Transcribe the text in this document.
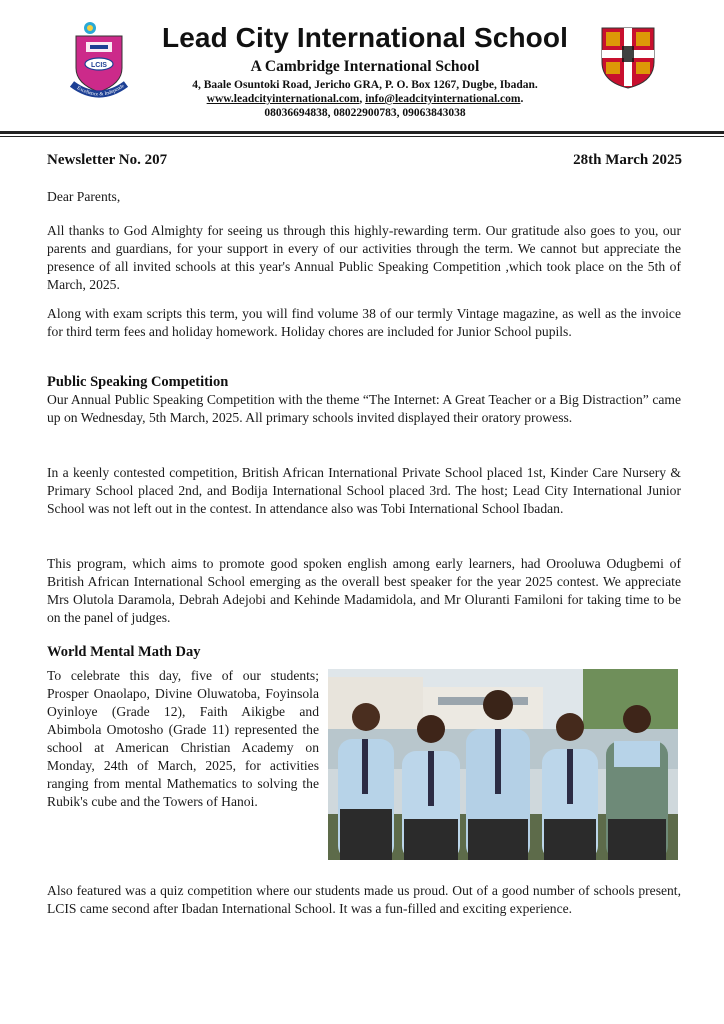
LCIS
Excellence & Independe
Lead City International School
A Cambridge International School
4, Baale Osuntoki Road, Jericho GRA, P. O. Box 1267, Dugbe, Ibadan.
www.leadcityinternational.com, info@leadcityinternational.com.
08036694838, 08022900783, 09063843038
Newsletter No. 207	28th March 2025

Dear Parents,

All thanks to God Almighty for seeing us through this highly-rewarding term. Our gratitude also goes to you, our parents and guardians, for your support in every of our activities through the term. We cannot but appreciate the presence of all invited schools at this year's Annual Public Speaking Competition ,which took place on the 5th of March, 2025.

Along with exam scripts this term, you will find volume 38 of our termly Vintage magazine, as well as the invoice for third term fees and holiday homework. Holiday chores are included for Junior School pupils.

Public Speaking Competition

Our Annual Public Speaking Competition with the theme “The Internet: A Great Teacher or a Big Distraction” came up on Wednesday, 5th March, 2025. All primary schools invited displayed their oratory prowess.

In a keenly contested competition, British African International Private School placed 1st, Kinder Care Nursery & Primary School placed 2nd, and Bodija International School placed 3rd. The host; Lead City International Junior School was not left out in the contest. In attendance also was Tobi International School Ibadan.

This program, which aims to promote good spoken english among early learners, had Orooluwa Odugbemi of British African International School emerging as the overall best speaker for the year 2025 contest. We appreciate Mrs Olutola Daramola, Debrah Adejobi and Kehinde Madamidola, and Mr Oluranti Familoni for taking time to be on the panel of judges.

World Mental Math Day

To celebrate this day, five of our students; Prosper Onaolapo, Divine Oluwatoba, Foyinsola Oyinloye (Grade 12), Faith Aikigbe and Abimbola Omotosho (Grade 11) represented the school at American Christian Academy on Monday, 24th of March, 2025, for activities ranging from mental Mathematics to solving the Rubik's cube and the Towers of Hanoi.

Also featured was a quiz competition where our students made us proud. Out of a good number of schools present, LCIS came second after Ibadan International School. It was a fun-filled and exciting experience.
